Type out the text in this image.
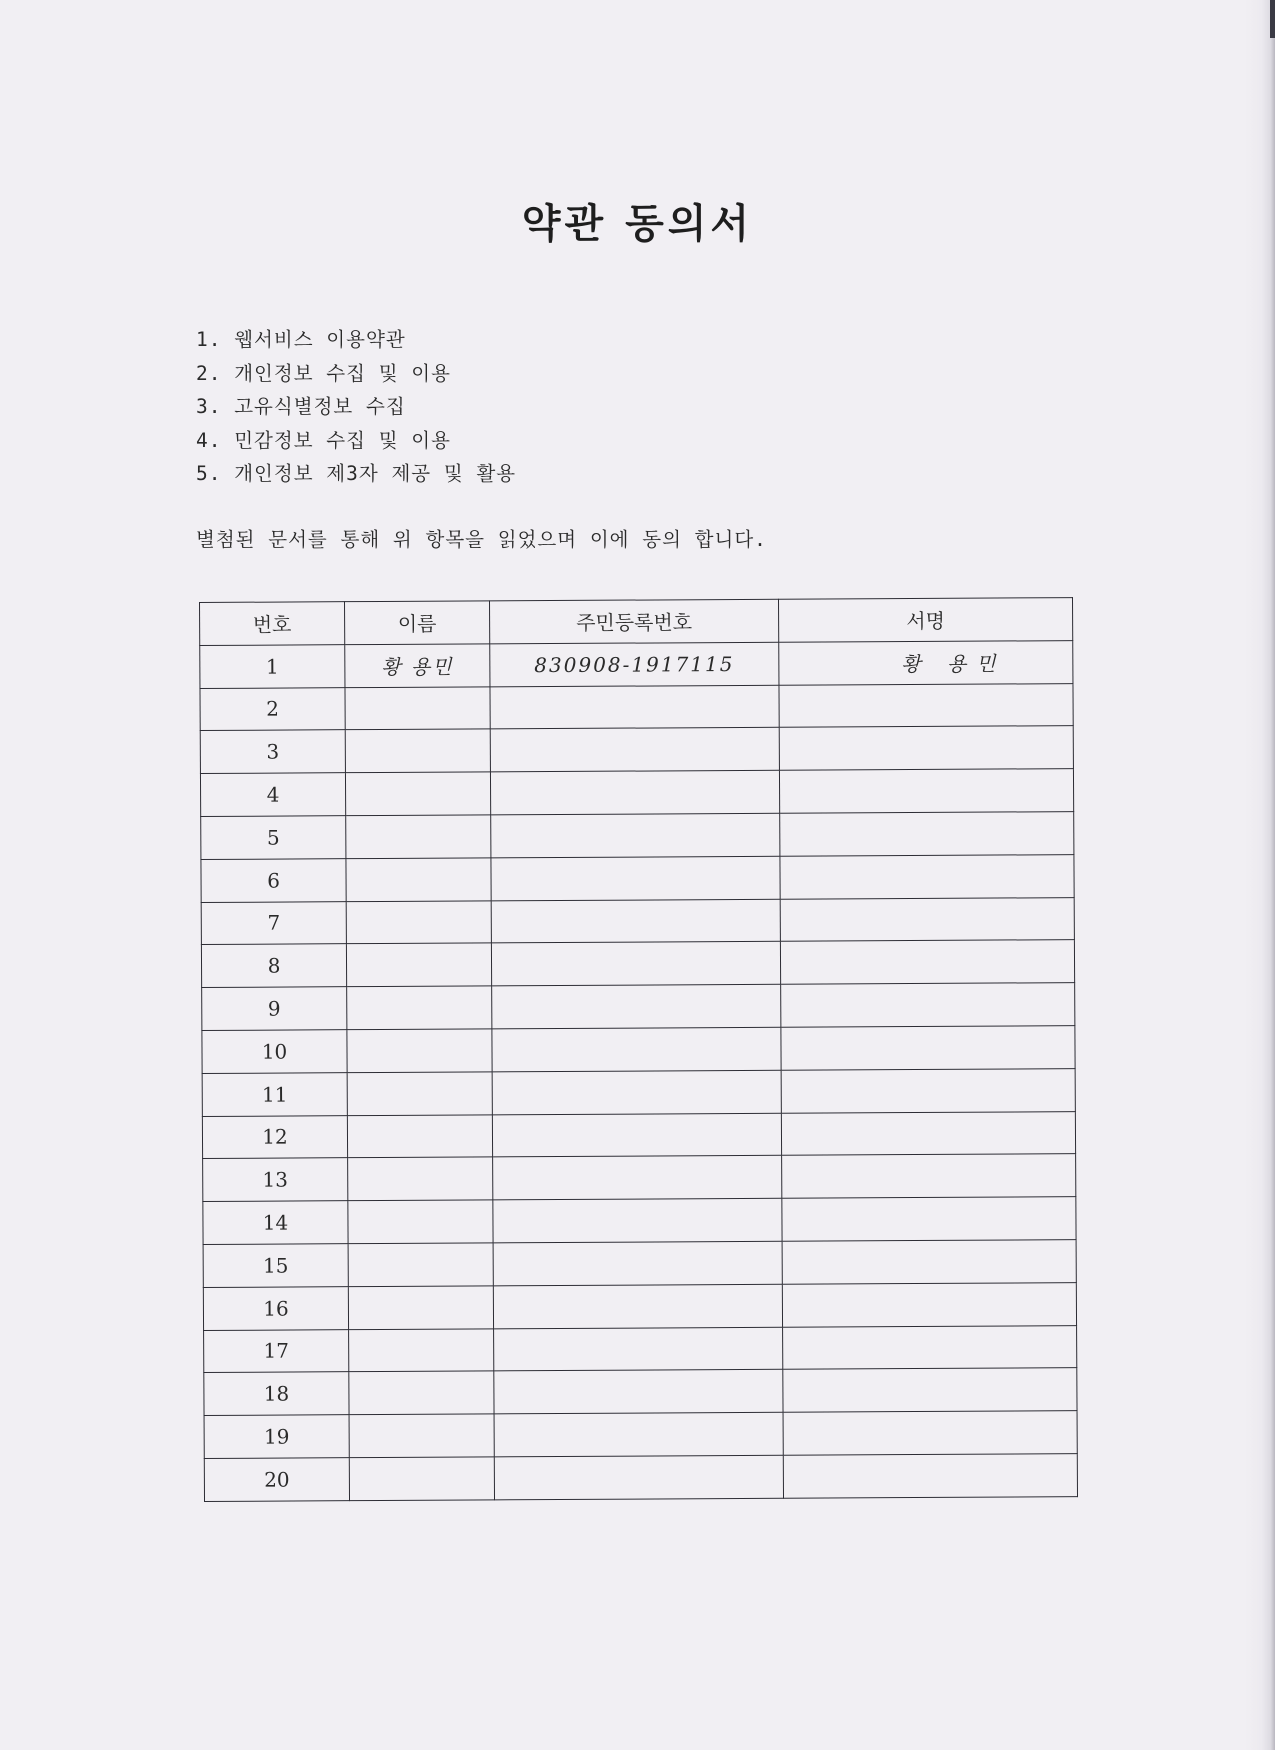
약관 동의서
1. 웹서비스 이용약관
2. 개인정보 수집 및 이용
3. 고유식별정보 수집
4. 민감정보 수집 및 이용
5. 개인정보 제3자 제공 및 활용
별첨된 문서를 통해 위 항목을 읽었으며 이에 동의 합니다.
번호	이름	주민등록번호	서명
1	황 용민	830908-1917115	황 용민
2			
3			
4			
5			
6			
7			
8			
9			
10			
11			
12			
13			
14			
15			
16			
17			
18			
19			
20			
